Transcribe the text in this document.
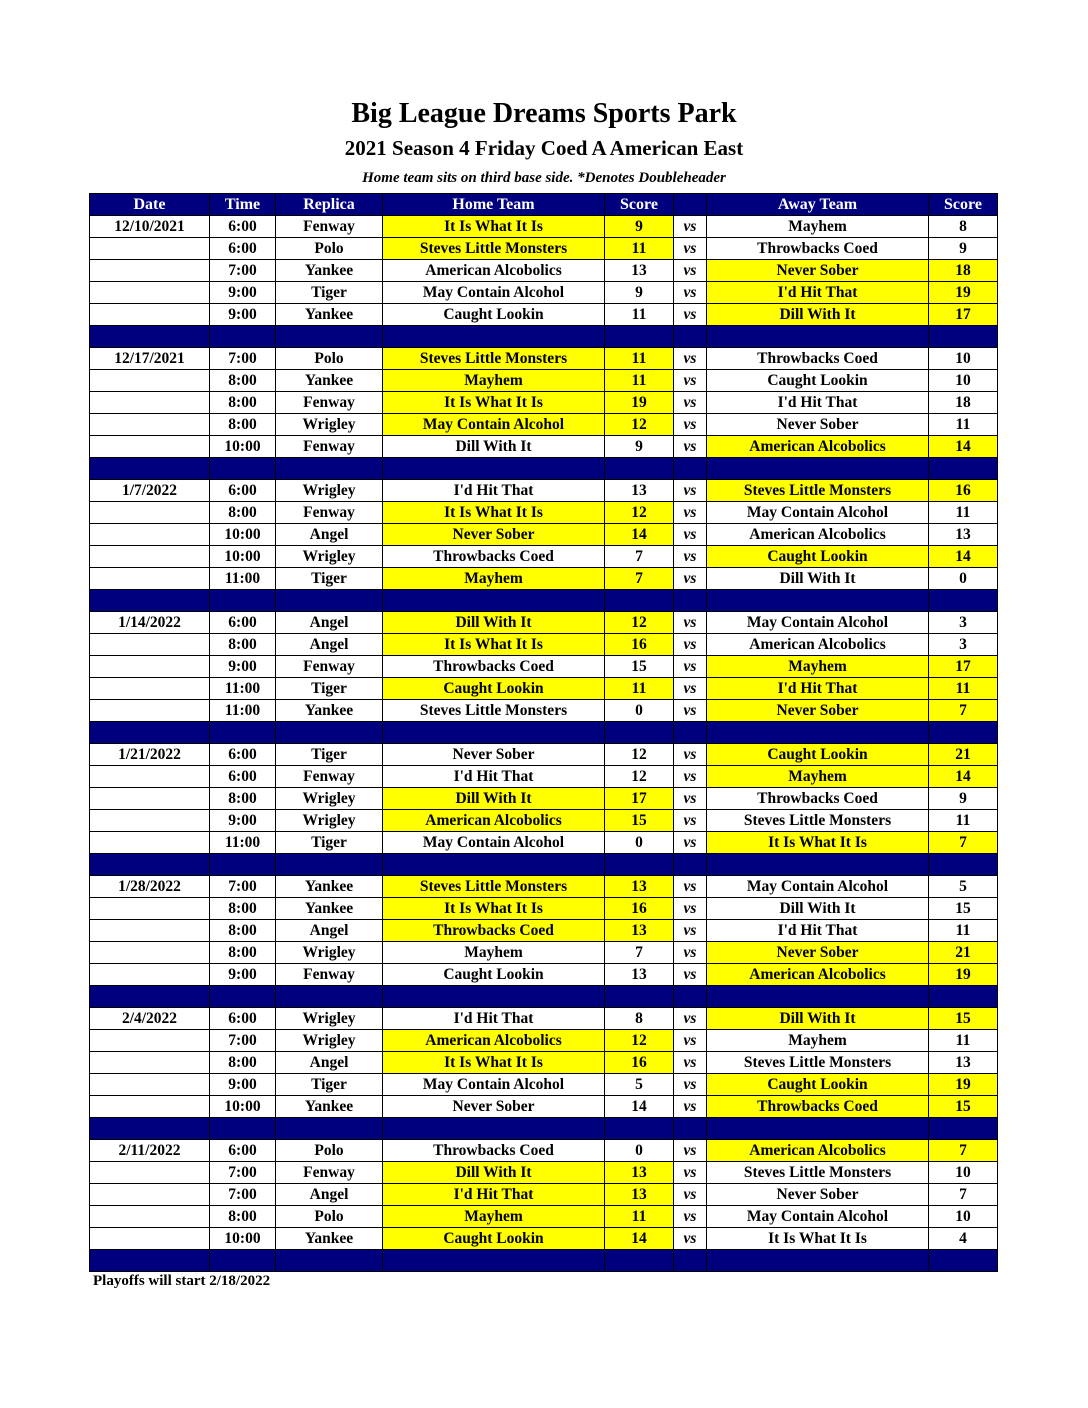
Big League Dreams Sports Park
2021 Season 4 Friday Coed A American East
Home team sits on third base side. *Denotes Doubleheader
Date	Time	Replica	Home Team	Score		Away Team	Score
12/10/2021	6:00	Fenway	It Is What It Is	9	vs	Mayhem	8
	6:00	Polo	Steves Little Monsters	11	vs	Throwbacks Coed	9
	7:00	Yankee	American Alcobolics	13	vs	Never Sober	18
	9:00	Tiger	May Contain Alcohol	9	vs	I'd Hit That	19
	9:00	Yankee	Caught Lookin	11	vs	Dill With It	17

12/17/2021	7:00	Polo	Steves Little Monsters	11	vs	Throwbacks Coed	10
	8:00	Yankee	Mayhem	11	vs	Caught Lookin	10
	8:00	Fenway	It Is What It Is	19	vs	I'd Hit That	18
	8:00	Wrigley	May Contain Alcohol	12	vs	Never Sober	11
	10:00	Fenway	Dill With It	9	vs	American Alcobolics	14

1/7/2022	6:00	Wrigley	I'd Hit That	13	vs	Steves Little Monsters	16
	8:00	Fenway	It Is What It Is	12	vs	May Contain Alcohol	11
	10:00	Angel	Never Sober	14	vs	American Alcobolics	13
	10:00	Wrigley	Throwbacks Coed	7	vs	Caught Lookin	14
	11:00	Tiger	Mayhem	7	vs	Dill With It	0

1/14/2022	6:00	Angel	Dill With It	12	vs	May Contain Alcohol	3
	8:00	Angel	It Is What It Is	16	vs	American Alcobolics	3
	9:00	Fenway	Throwbacks Coed	15	vs	Mayhem	17
	11:00	Tiger	Caught Lookin	11	vs	I'd Hit That	11
	11:00	Yankee	Steves Little Monsters	0	vs	Never Sober	7

1/21/2022	6:00	Tiger	Never Sober	12	vs	Caught Lookin	21
	6:00	Fenway	I'd Hit That	12	vs	Mayhem	14
	8:00	Wrigley	Dill With It	17	vs	Throwbacks Coed	9
	9:00	Wrigley	American Alcobolics	15	vs	Steves Little Monsters	11
	11:00	Tiger	May Contain Alcohol	0	vs	It Is What It Is	7

1/28/2022	7:00	Yankee	Steves Little Monsters	13	vs	May Contain Alcohol	5
	8:00	Yankee	It Is What It Is	16	vs	Dill With It	15
	8:00	Angel	Throwbacks Coed	13	vs	I'd Hit That	11
	8:00	Wrigley	Mayhem	7	vs	Never Sober	21
	9:00	Fenway	Caught Lookin	13	vs	American Alcobolics	19

2/4/2022	6:00	Wrigley	I'd Hit That	8	vs	Dill With It	15
	7:00	Wrigley	American Alcobolics	12	vs	Mayhem	11
	8:00	Angel	It Is What It Is	16	vs	Steves Little Monsters	13
	9:00	Tiger	May Contain Alcohol	5	vs	Caught Lookin	19
	10:00	Yankee	Never Sober	14	vs	Throwbacks Coed	15

2/11/2022	6:00	Polo	Throwbacks Coed	0	vs	American Alcobolics	7
	7:00	Fenway	Dill With It	13	vs	Steves Little Monsters	10
	7:00	Angel	I'd Hit That	13	vs	Never Sober	7
	8:00	Polo	Mayhem	11	vs	May Contain Alcohol	10
	10:00	Yankee	Caught Lookin	14	vs	It Is What It Is	4

Playoffs will start 2/18/2022
